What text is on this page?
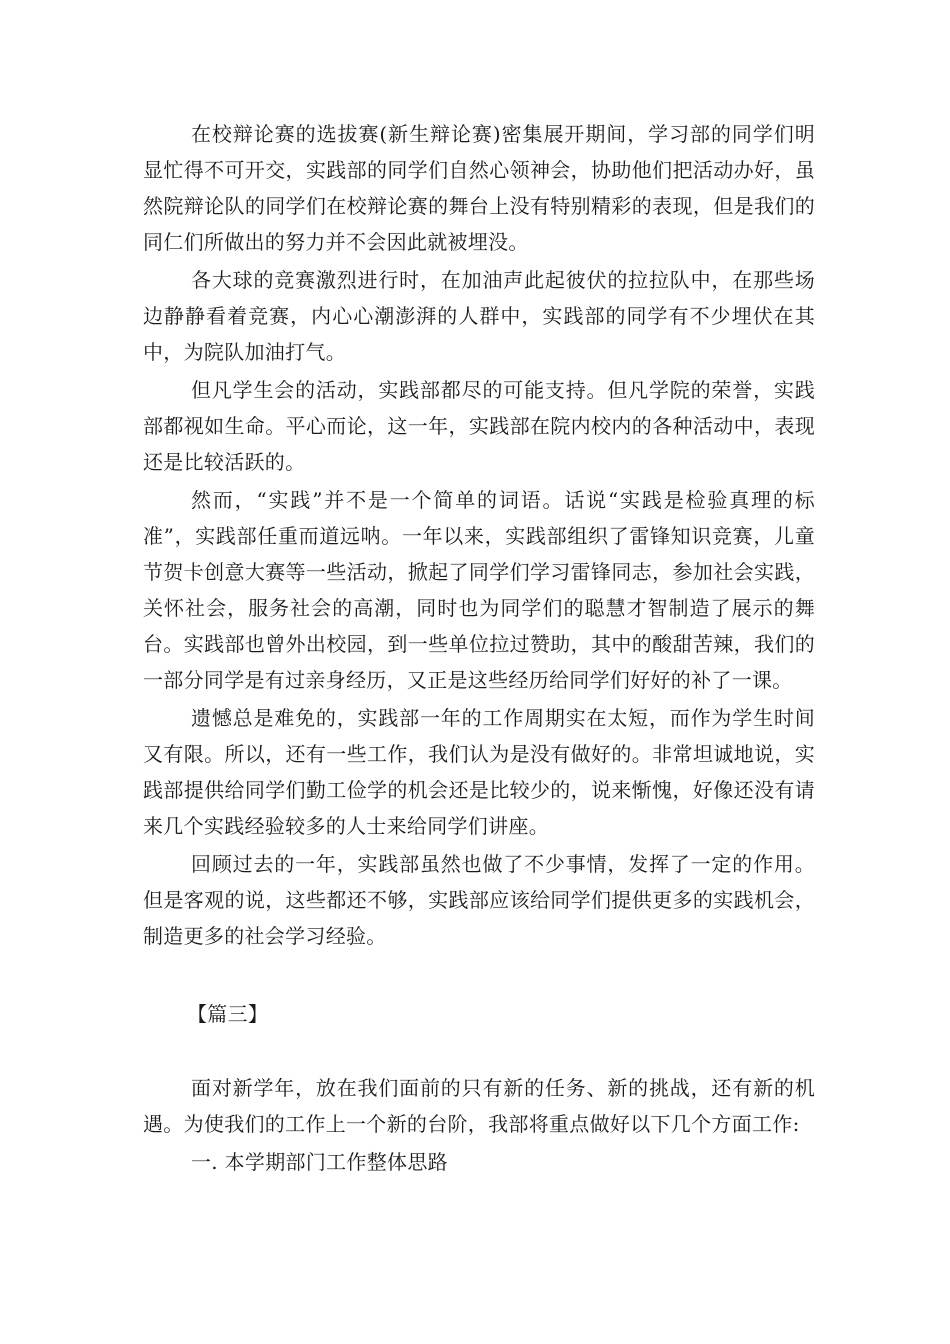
在校辩论赛的选拔赛(新生辩论赛)密集展开期间，学习部的同学们明显忙得不可开交，实践部的同学们自然心领神会，协助他们把活动办好，虽然院辩论队的同学们在校辩论赛的舞台上没有特别精彩的表现，但是我们的同仁们所做出的努力并不会因此就被埋没。

各大球的竞赛激烈进行时，在加油声此起彼伏的拉拉队中，在那些场边静静看着竞赛，内心心潮澎湃的人群中，实践部的同学有不少埋伏在其中，为院队加油打气。

但凡学生会的活动，实践部都尽的可能支持。但凡学院的荣誉，实践部都视如生命。平心而论，这一年，实践部在院内校内的各种活动中，表现还是比较活跃的。

然而，“实践”并不是一个简单的词语。话说“实践是检验真理的标准”，实践部任重而道远呐。一年以来，实践部组织了雷锋知识竞赛，儿童节贺卡创意大赛等一些活动，掀起了同学们学习雷锋同志，参加社会实践，关怀社会，服务社会的高潮，同时也为同学们的聪慧才智制造了展示的舞台。实践部也曾外出校园，到一些单位拉过赞助，其中的酸甜苦辣，我们的一部分同学是有过亲身经历，又正是这些经历给同学们好好的补了一课。

遗憾总是难免的，实践部一年的工作周期实在太短，而作为学生时间又有限。所以，还有一些工作，我们认为是没有做好的。非常坦诚地说，实践部提供给同学们勤工俭学的机会还是比较少的，说来惭愧，好像还没有请来几个实践经验较多的人士来给同学们讲座。

回顾过去的一年，实践部虽然也做了不少事情，发挥了一定的作用。但是客观的说，这些都还不够，实践部应该给同学们提供更多的实践机会，制造更多的社会学习经验。

【篇三】

面对新学年，放在我们面前的只有新的任务、新的挑战，还有新的机遇。为使我们的工作上一个新的台阶，我部将重点做好以下几个方面工作:

一. 本学期部门工作整体思路
